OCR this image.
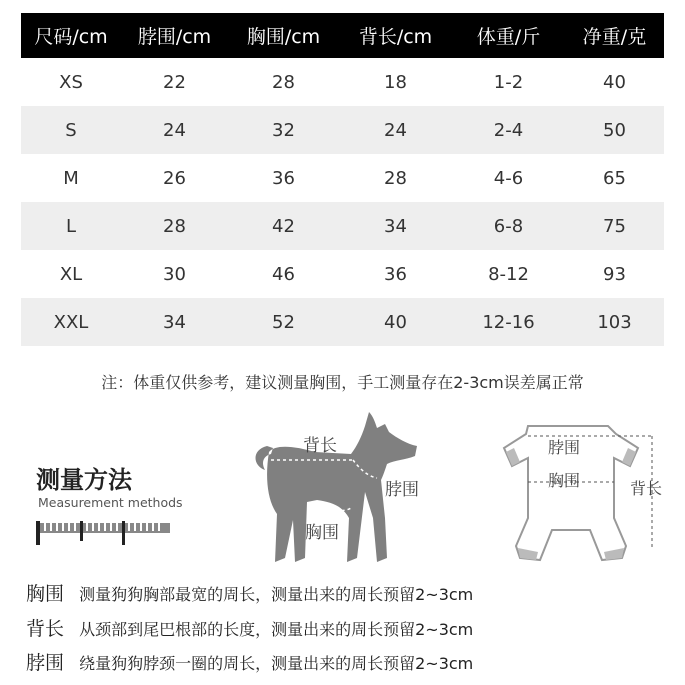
尺码/cm	脖围/cm	胸围/cm	背长/cm	体重/斤	净重/克
XS	22	28	18	1-2	40
S	24	32	24	2-4	50
M	26	36	28	4-6	65
L	28	42	34	6-8	75
XL	30	46	36	8-12	93
XXL	34	52	40	12-16	103
注：体重仅供参考，建议测量胸围，手工测量存在2-3cm误差属正常
测量方法
Measurement methods
背长
脖围
胸围
脖围
胸围	背长
胸围 测量狗狗胸部最宽的周长，测量出来的周长预留2~3cm
背长 从颈部到尾巴根部的长度，测量出来的周长预留2~3cm
脖围 绕量狗狗脖颈一圈的周长，测量出来的周长预留2~3cm
